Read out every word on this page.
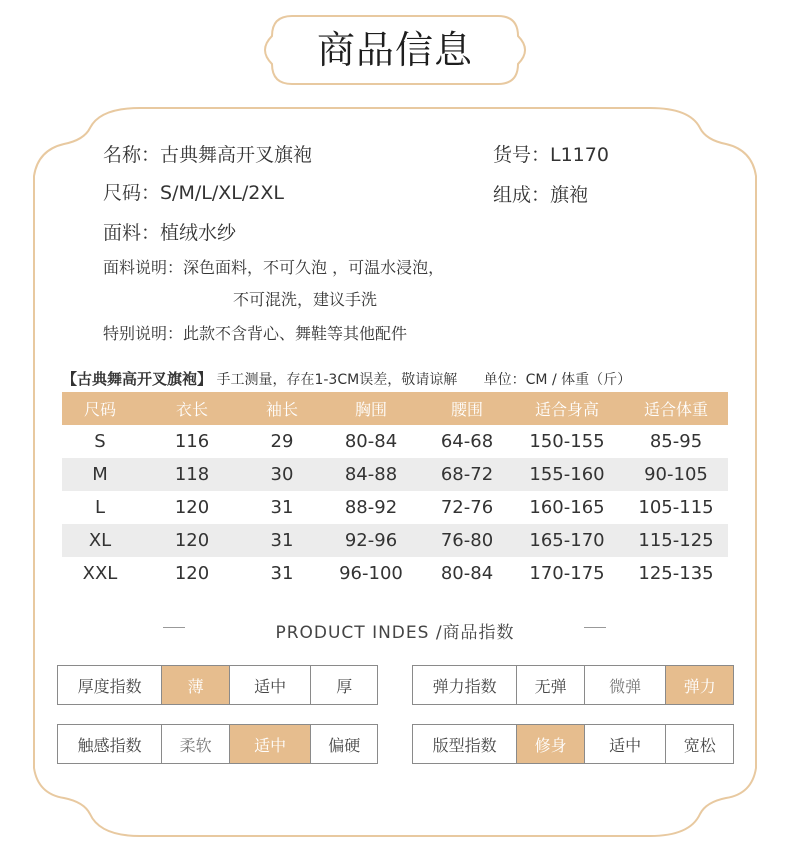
商品信息
名称：古典舞高开叉旗袍	货号：L1170
尺码：S/M/L/XL/2XL	组成：旗袍
面料：植绒水纱
面料说明：深色面料，不可久泡 ，可温水浸泡，
不可混洗，建议手洗
特别说明：此款不含背心、舞鞋等其他配件
【古典舞高开叉旗袍】 手工测量，存在1-3CM误差，敬请谅解 单位：CM / 体重（斤）
尺码	衣长	袖长	胸围	腰围	适合身高	适合体重
S	116	29	80-84	64-68	150-155	85-95
M	118	30	84-88	68-72	155-160	90-105
L	120	31	88-92	72-76	160-165	105-115
XL	120	31	92-96	76-80	165-170	115-125
XXL	120	31	96-100	80-84	170-175	125-135
PRODUCT INDES /商品指数
厚度指数	薄	适中	厚	弹力指数	无弹	微弹	弹力
触感指数	柔软	适中	偏硬	版型指数	修身	适中	宽松
